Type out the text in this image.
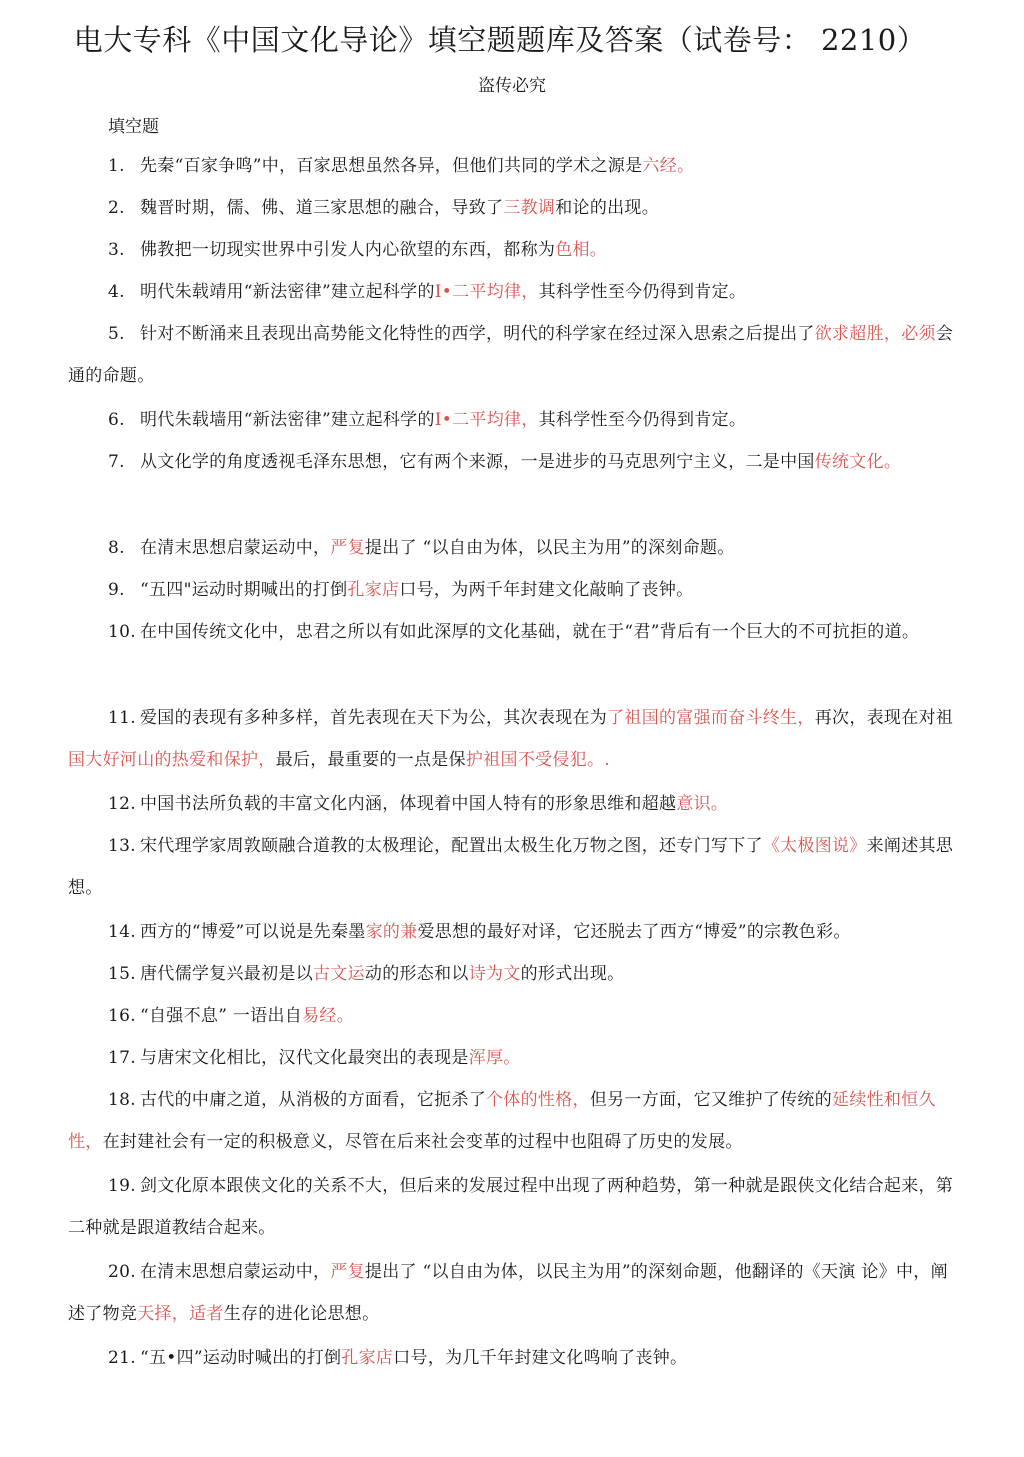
电大专科《中国文化导论》填空题题库及答案（试卷号： 2210）
盗传必究
填空题
1. 先秦“百家争鸣”中，百家思想虽然各异，但他们共同的学术之源是六经。
2. 魏晋时期，儒、佛、道三家思想的融合，导致了三教调和论的出现。
3. 佛教把一切现实世界中引发人内心欲望的东西，都称为色相。
4. 明代朱载靖用“新法密律”建立起科学的I•二平均律，其科学性至今仍得到肯定。
5. 针对不断涌来且表现出高势能文化特性的西学，明代的科学家在经过深入思索之后提出了欲求超胜，必须会通的命题。
6. 明代朱载墙用“新法密律”建立起科学的I•二平均律，其科学性至今仍得到肯定。
7. 从文化学的角度透视毛泽东思想，它有两个来源，一是进步的马克思列宁主义，二是中国传统文化。
8. 在清末思想启蒙运动中，严复提出了 “以自由为体，以民主为用”的深刻命题。
9. “五四"运动时期喊出的打倒孔家店口号，为两千年封建文化敲晌了丧钟。
10. 在中国传统文化中，忠君之所以有如此深厚的文化基础，就在于“君”背后有一个巨大的不可抗拒的道。
11. 爱国的表现有多种多样，首先表现在天下为公，其次表现在为了祖国的富强而奋斗终生，再次，表现在对祖国大好河山的热爱和保护，最后，最重要的一点是保护祖国不受侵犯。.
12. 中国书法所负载的丰富文化内涵，体现着中国人特有的形象思维和超越意识。
13. 宋代理学家周敦颐融合道教的太极理论，配置出太极生化万物之图，还专门写下了《太极图说》来阐述其思想。
14. 西方的“博爱”可以说是先秦墨家的兼爱思想的最好对译，它还脱去了西方“博爱”的宗教色彩。
15. 唐代儒学复兴最初是以古文运动的形态和以诗为文的形式出现。
16. “自强不息” 一语出自易经。
17. 与唐宋文化相比，汉代文化最突出的表现是浑厚。
18. 古代的中庸之道，从消极的方面看，它扼杀了个体的性格，但另一方面，它又维护了传统的延续性和恒久性，在封建社会有一定的积极意义，尽管在后来社会变革的过程中也阻碍了历史的发展。
19. 剑文化原本跟侠文化的关系不大，但后来的发展过程中出现了两种趋势，第一种就是跟侠文化结合起来，第二种就是跟道教结合起来。
20. 在清末思想启蒙运动中，严复提出了 “以自由为体，以民主为用”的深刻命题，他翻译的《天演 论》中，阐述了物竞天择，适者生存的进化论思想。
21. “五•四”运动时喊出的打倒孔家店口号，为几千年封建文化鸣响了丧钟。
